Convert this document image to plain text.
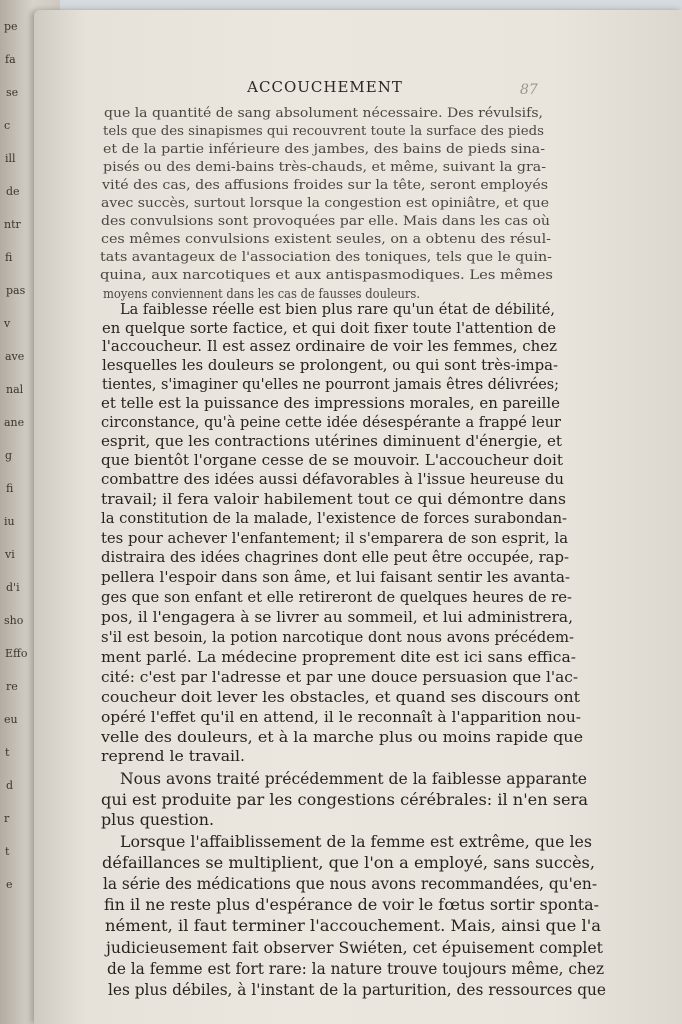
pe
fa
se
c
ill
de
ntr
fi
pas
v
ave
nal
ane
g
fi
iu
vi
d'i
sho
Effo
re
eu
t
d
r
t
e
ACCOUCHEMENT	87
que la quantité de sang absolument nécessaire. Des révulsifs,
tels que des sinapismes qui recouvrent toute la surface des pieds
et de la partie inférieure des jambes, des bains de pieds sina-
pisés ou des demi-bains très-chauds, et même, suivant la gra-
vité des cas, des affusions froides sur la tête, seront employés
avec succès, surtout lorsque la congestion est opiniâtre, et que
des convulsions sont provoquées par elle. Mais dans les cas où
ces mêmes convulsions existent seules, on a obtenu des résul-
tats avantageux de l'association des toniques, tels que le quin-
quina, aux narcotiques et aux antispasmodiques. Les mêmes
moyens conviennent dans les cas de fausses douleurs.
La faiblesse réelle est bien plus rare qu'un état de débilité,
en quelque sorte factice, et qui doit fixer toute l'attention de
l'accoucheur. Il est assez ordinaire de voir les femmes, chez
lesquelles les douleurs se prolongent, ou qui sont très-impa-
tientes, s'imaginer qu'elles ne pourront jamais êtres délivrées;
et telle est la puissance des impressions morales, en pareille
circonstance, qu'à peine cette idée désespérante a frappé leur
esprit, que les contractions utérines diminuent d'énergie, et
que bientôt l'organe cesse de se mouvoir. L'accoucheur doit
combattre des idées aussi défavorables à l'issue heureuse du
travail; il fera valoir habilement tout ce qui démontre dans
la constitution de la malade, l'existence de forces surabondan-
tes pour achever l'enfantement; il s'emparera de son esprit, la
distraira des idées chagrines dont elle peut être occupée, rap-
pellera l'espoir dans son âme, et lui faisant sentir les avanta-
ges que son enfant et elle retireront de quelques heures de re-
pos, il l'engagera à se livrer au sommeil, et lui administrera,
s'il est besoin, la potion narcotique dont nous avons précédem-
ment parlé. La médecine proprement dite est ici sans effica-
cité: c'est par l'adresse et par une douce persuasion que l'ac-
coucheur doit lever les obstacles, et quand ses discours ont
opéré l'effet qu'il en attend, il le reconnaît à l'apparition nou-
velle des douleurs, et à la marche plus ou moins rapide que
reprend le travail.
Nous avons traité précédemment de la faiblesse apparante
qui est produite par les congestions cérébrales: il n'en sera
plus question.
Lorsque l'affaiblissement de la femme est extrême, que les
défaillances se multiplient, que l'on a employé, sans succès,
la série des médications que nous avons recommandées, qu'en-
fin il ne reste plus d'espérance de voir le fœtus sortir sponta-
nément, il faut terminer l'accouchement. Mais, ainsi que l'a
judicieusement fait observer Swiéten, cet épuisement complet
de la femme est fort rare: la nature trouve toujours même, chez
les plus débiles, à l'instant de la parturition, des ressources que
